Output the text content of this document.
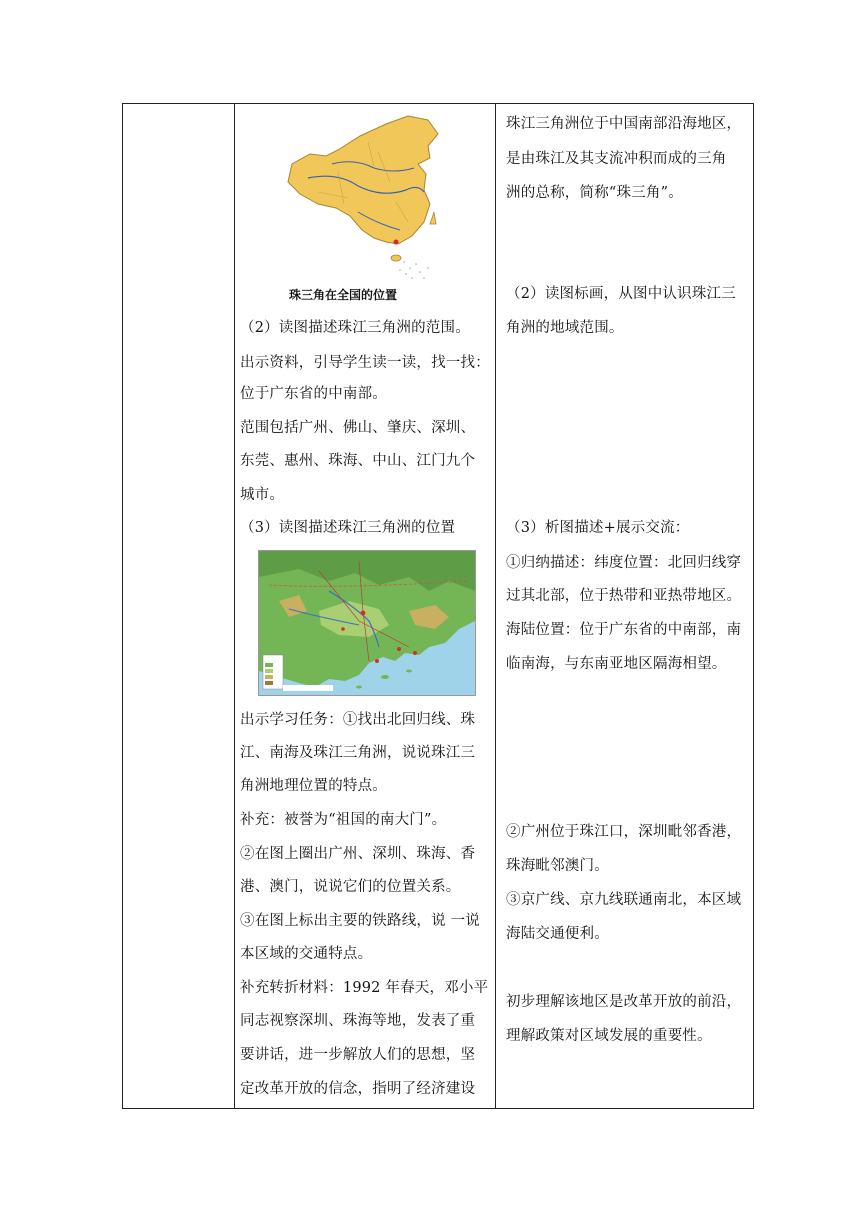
珠三角在全国的位置
（2）读图描述珠江三角洲的范围。
出示资料，引导学生读一读，找一找：
位于广东省的中南部。
范围包括广州、佛山、肇庆、深圳、
东莞、惠州、珠海、中山、江门九个
城市。
（3）读图描述珠江三角洲的位置
出示学习任务：①找出北回归线、珠
江、南海及珠江三角洲，说说珠江三
角洲地理位置的特点。
补充：被誉为“祖国的南大门”。
②在图上圈出广州、深圳、珠海、香
港、澳门，说说它们的位置关系。
③在图上标出主要的铁路线，说 一说
本区域的交通特点。
补充转折材料：1992 年春天，邓小平
同志视察深圳、珠海等地，发表了重
要讲话，进一步解放人们的思想，坚
定改革开放的信念，指明了经济建设
珠江三角洲位于中国南部沿海地区，
是由珠江及其支流冲积而成的三角
洲的总称，简称“珠三角”。
（2）读图标画，从图中认识珠江三
角洲的地域范围。
（3）析图描述+展示交流：
①归纳描述：纬度位置：北回归线穿
过其北部，位于热带和亚热带地区。
海陆位置：位于广东省的中南部，南
临南海，与东南亚地区隔海相望。
②广州位于珠江口，深圳毗邻香港，
珠海毗邻澳门。
③京广线、京九线联通南北，本区域
海陆交通便利。
初步理解该地区是改革开放的前沿，
理解政策对区域发展的重要性。
